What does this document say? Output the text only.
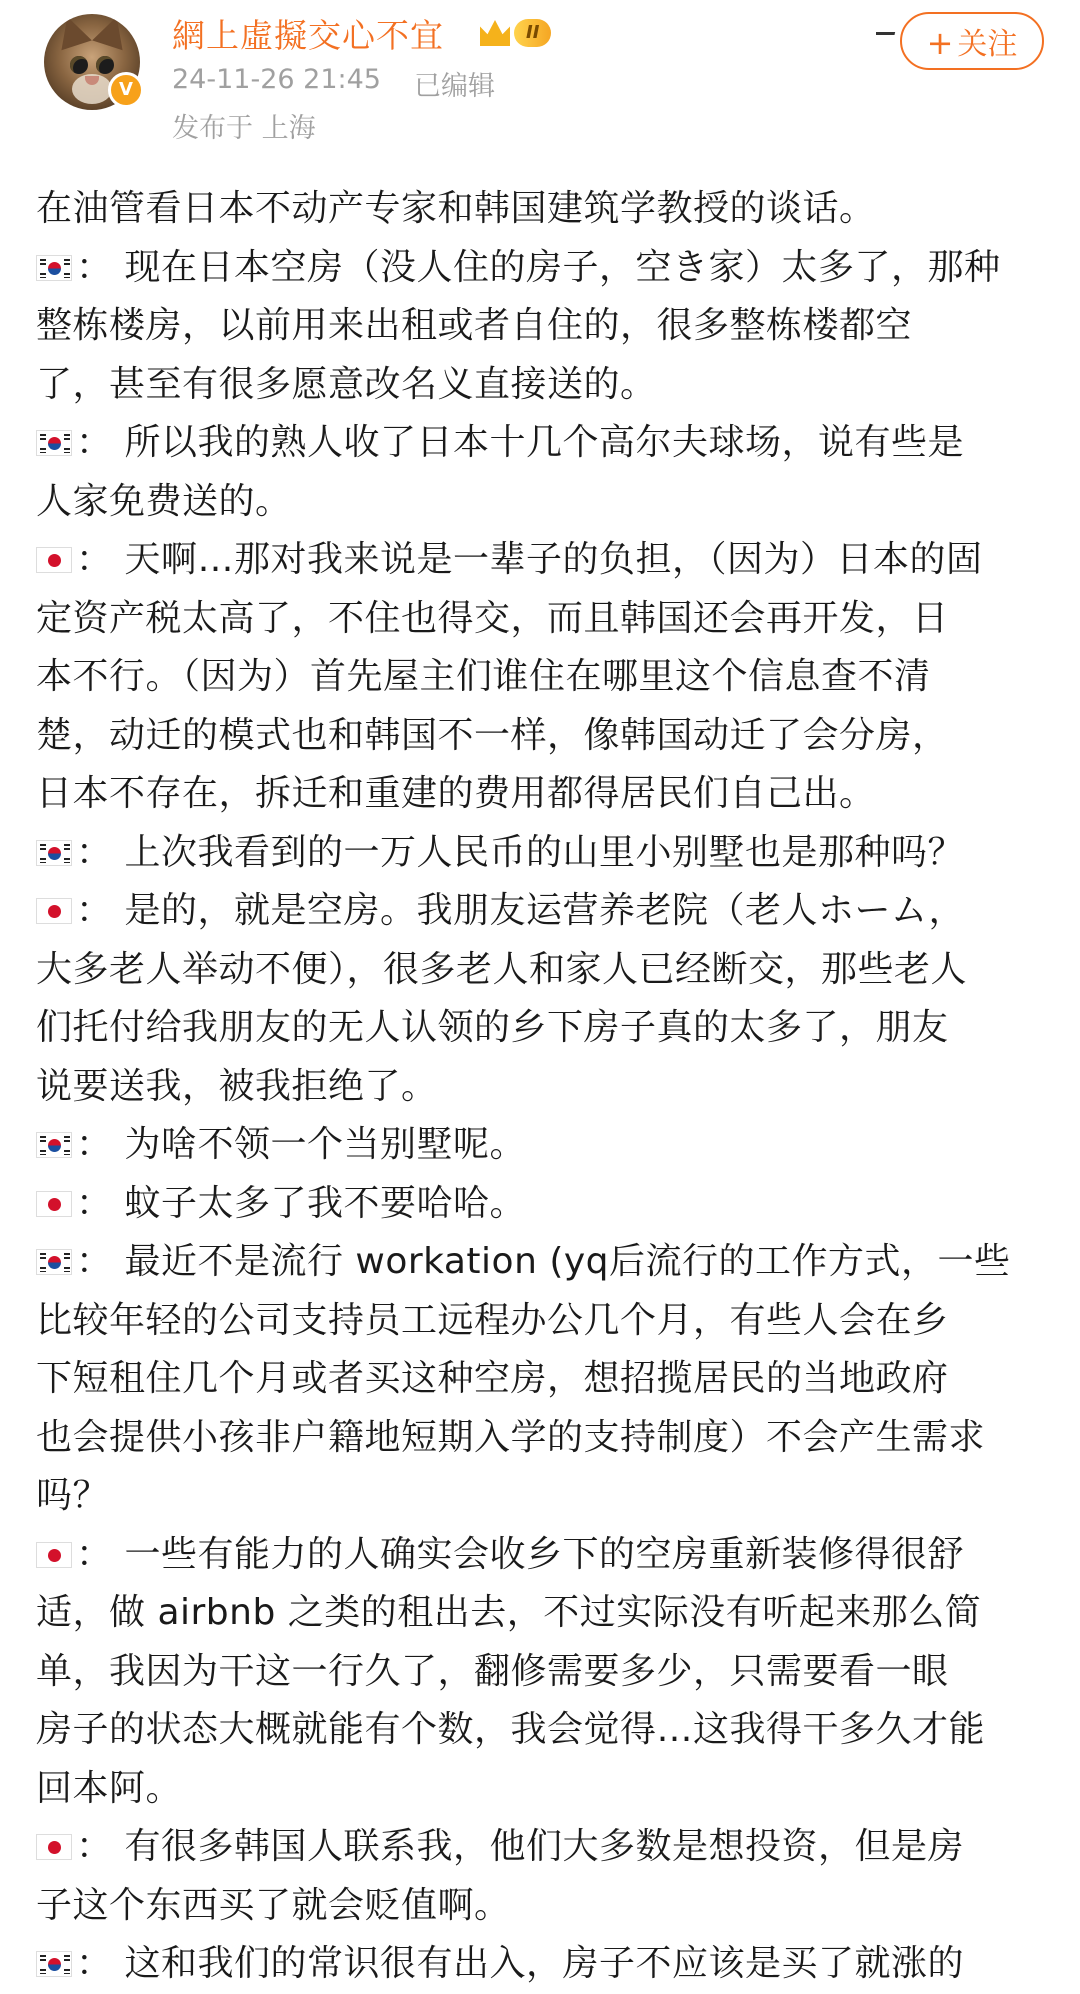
V
網上虛擬交心不宜	II
24-11-26 21:45 已编辑
发布于 上海
+ 关注
在油管看日本不动产专家和韩国建筑学教授的谈话。
： 现在日本空房（没人住的房子，空き家）太多了，那种
整栋楼房，以前用来出租或者自住的，很多整栋楼都空
了，甚至有很多愿意改名义直接送的。
： 所以我的熟人收了日本十几个高尔夫球场，说有些是
人家免费送的。
： 天啊…那对我来说是一辈子的负担，（因为）日本的固
定资产税太高了，不住也得交，而且韩国还会再开发，日
本不行。（因为）首先屋主们谁住在哪里这个信息查不清
楚，动迁的模式也和韩国不一样，像韩国动迁了会分房，
日本不存在，拆迁和重建的费用都得居民们自己出。
： 上次我看到的一万人民币的山里小别墅也是那种吗？
： 是的，就是空房。我朋友运营养老院（老人ホーム，
大多老人举动不便），很多老人和家人已经断交，那些老人
们托付给我朋友的无人认领的乡下房子真的太多了，朋友
说要送我，被我拒绝了。
： 为啥不领一个当别墅呢。
： 蚊子太多了我不要哈哈。
： 最近不是流行 workation (yq后流行的工作方式，一些
比较年轻的公司支持员工远程办公几个月，有些人会在乡
下短租住几个月或者买这种空房，想招揽居民的当地政府
也会提供小孩非户籍地短期入学的支持制度）不会产生需求
吗？
： 一些有能力的人确实会收乡下的空房重新装修得很舒
适，做 airbnb 之类的租出去，不过实际没有听起来那么简
单，我因为干这一行久了，翻修需要多少，只需要看一眼
房子的状态大概就能有个数，我会觉得…这我得干多久才能
回本阿。
： 有很多韩国人联系我，他们大多数是想投资，但是房
子这个东西买了就会贬值啊。
： 这和我们的常识很有出入，房子不应该是买了就涨的
